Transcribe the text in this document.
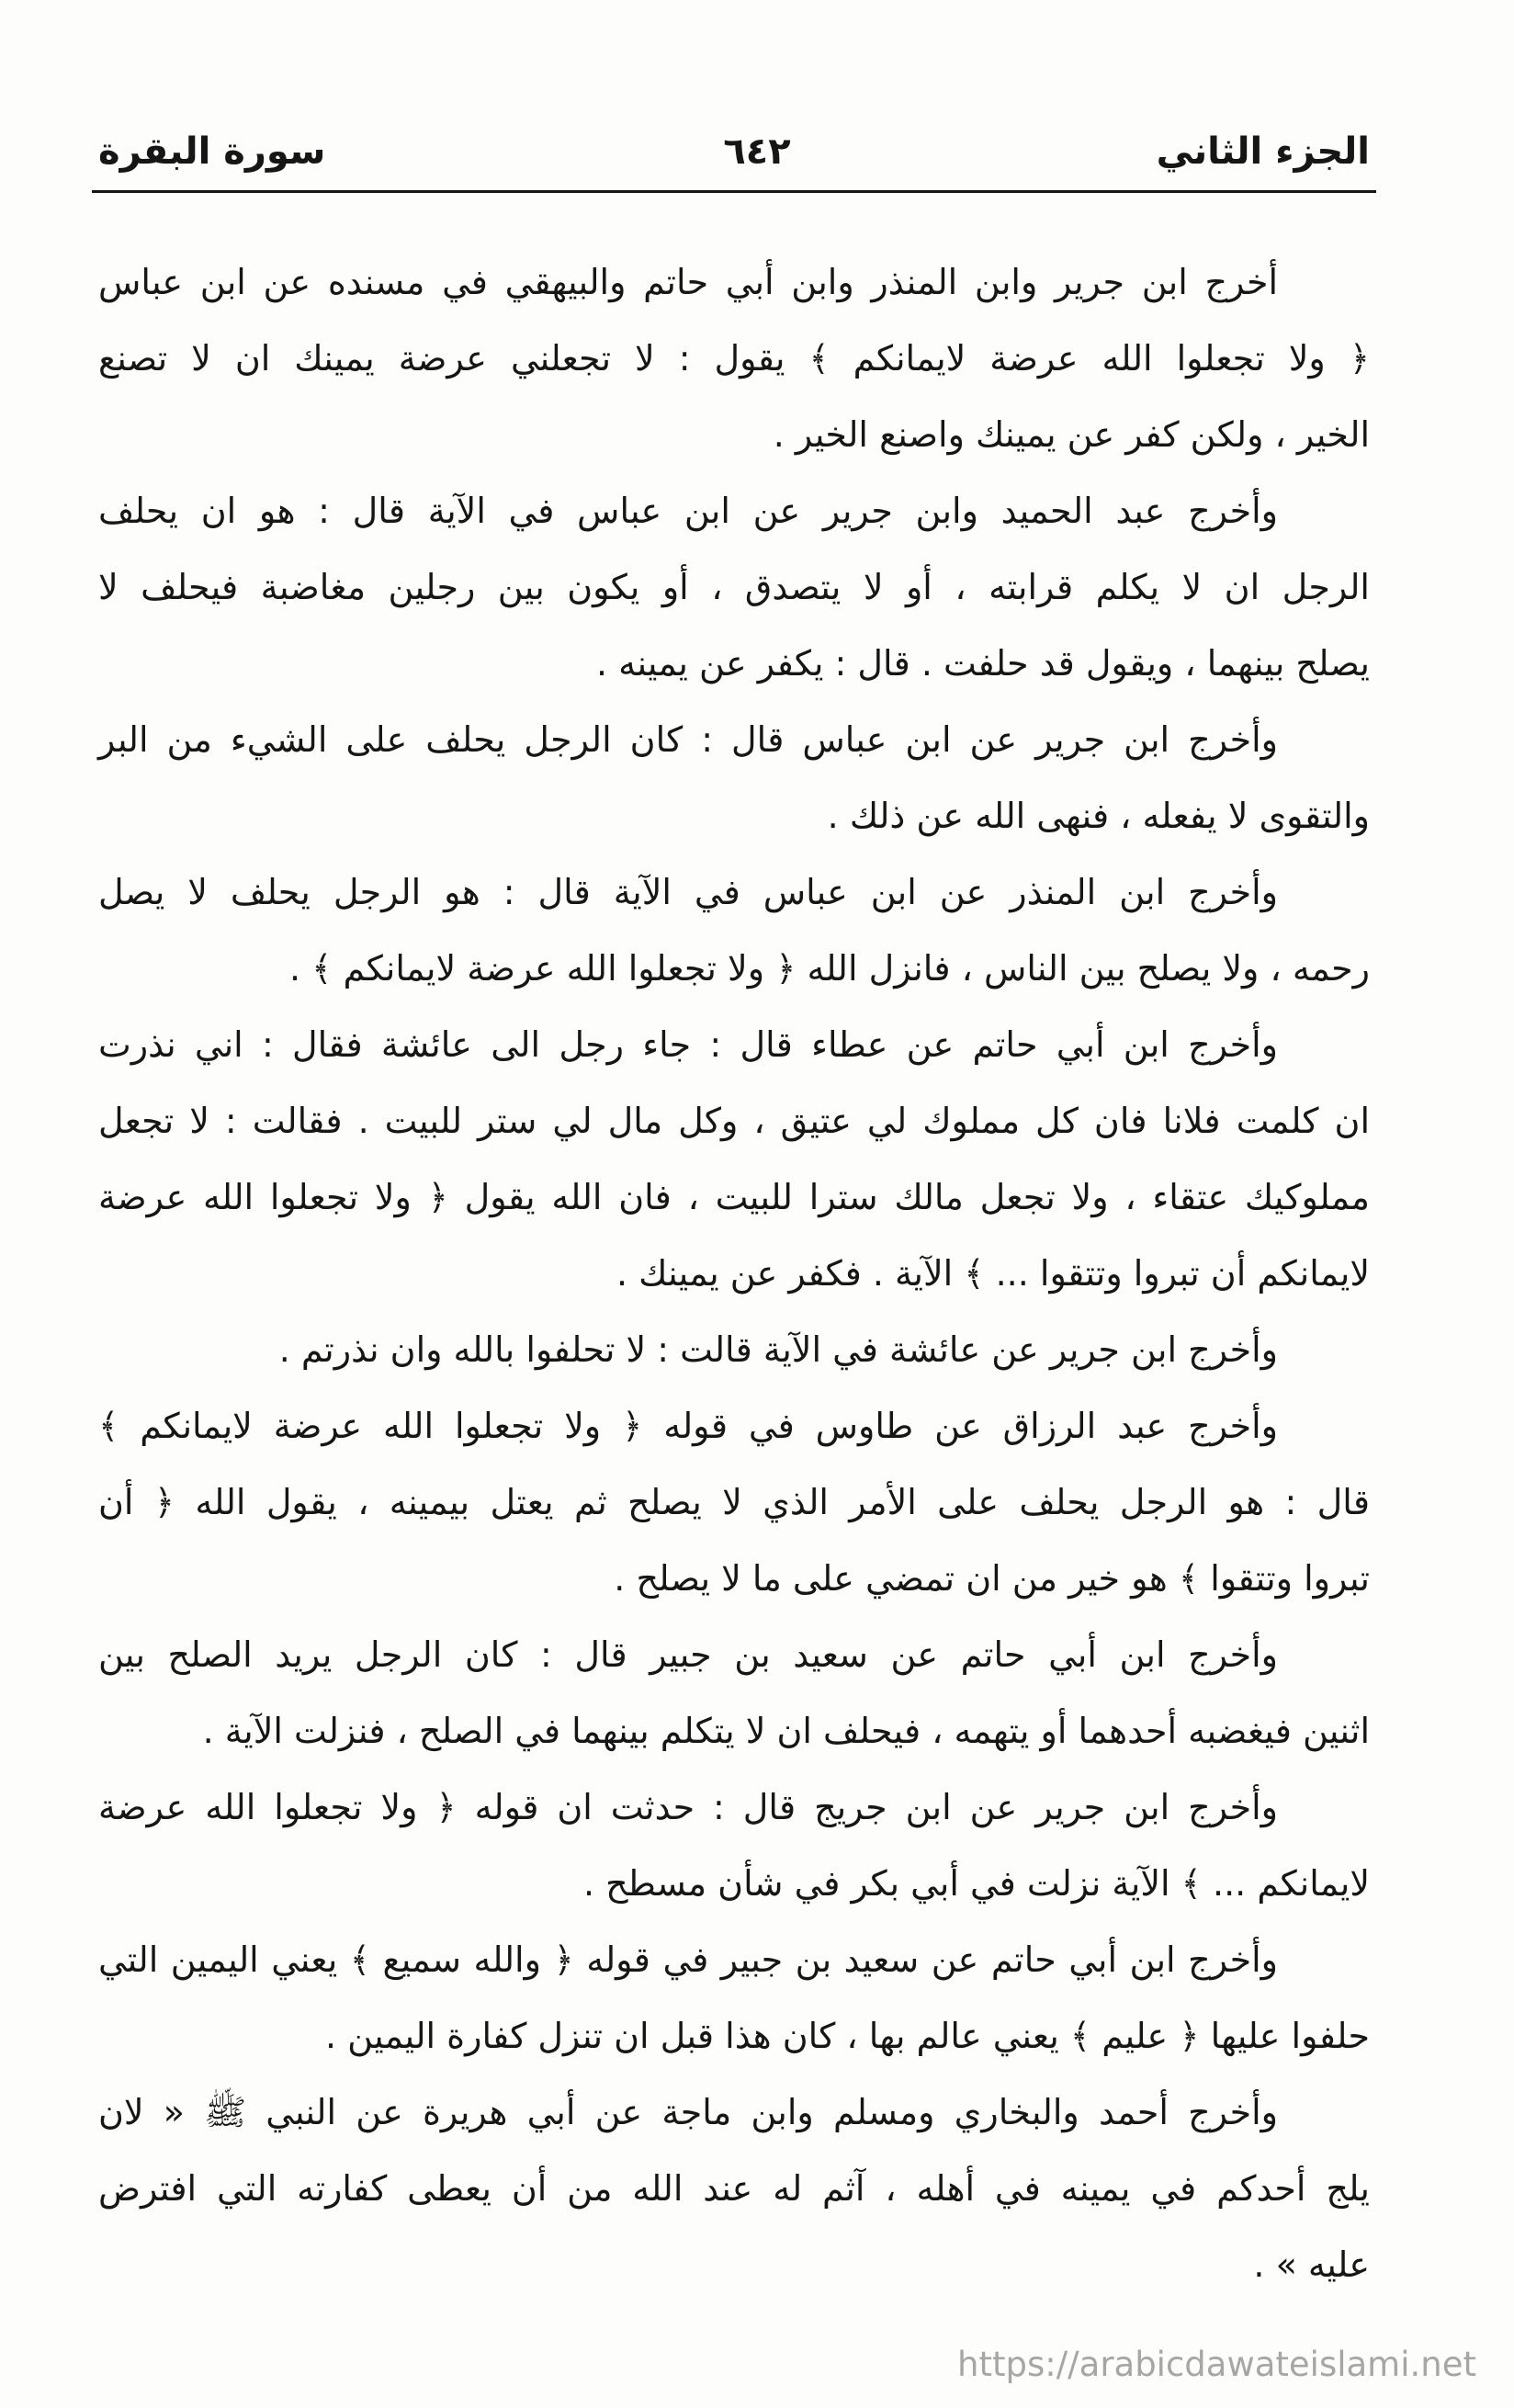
الجزء الثاني
٦٤٢
سورة البقرة
أخرج ابن جرير وابن المنذر وابن أبي حاتم والبيهقي في مسنده عن ابن عباس
﴿ ولا تجعلوا الله عرضة لايمانكم ﴾ يقول : لا تجعلني عرضة يمينك ان لا تصنع
الخير ، ولكن كفر عن يمينك واصنع الخير .
وأخرج عبد الحميد وابن جرير عن ابن عباس في الآية قال : هو ان يحلف
الرجل ان لا يكلم قرابته ، أو لا يتصدق ، أو يكون بين رجلين مغاضبة فيحلف لا
يصلح بينهما ، ويقول قد حلفت . قال : يكفر عن يمينه .
وأخرج ابن جرير عن ابن عباس قال : كان الرجل يحلف على الشيء من البر
والتقوى لا يفعله ، فنهى الله عن ذلك .
وأخرج ابن المنذر عن ابن عباس في الآية قال : هو الرجل يحلف لا يصل
رحمه ، ولا يصلح بين الناس ، فانزل الله ﴿ ولا تجعلوا الله عرضة لايمانكم ﴾ .
وأخرج ابن أبي حاتم عن عطاء قال : جاء رجل الى عائشة فقال : اني نذرت
ان كلمت فلانا فان كل مملوك لي عتيق ، وكل مال لي ستر للبيت . فقالت : لا تجعل
مملوكيك عتقاء ، ولا تجعل مالك سترا للبيت ، فان الله يقول ﴿ ولا تجعلوا الله عرضة
لايمانكم أن تبروا وتتقوا ... ﴾ الآية . فكفر عن يمينك .
وأخرج ابن جرير عن عائشة في الآية قالت : لا تحلفوا بالله وان نذرتم .
وأخرج عبد الرزاق عن طاوس في قوله ﴿ ولا تجعلوا الله عرضة لايمانكم ﴾
قال : هو الرجل يحلف على الأمر الذي لا يصلح ثم يعتل بيمينه ، يقول الله ﴿ أن
تبروا وتتقوا ﴾ هو خير من ان تمضي على ما لا يصلح .
وأخرج ابن أبي حاتم عن سعيد بن جبير قال : كان الرجل يريد الصلح بين
اثنين فيغضبه أحدهما أو يتهمه ، فيحلف ان لا يتكلم بينهما في الصلح ، فنزلت الآية .
وأخرج ابن جرير عن ابن جريج قال : حدثت ان قوله ﴿ ولا تجعلوا الله عرضة
لايمانكم ... ﴾ الآية نزلت في أبي بكر في شأن مسطح .
وأخرج ابن أبي حاتم عن سعيد بن جبير في قوله ﴿ والله سميع ﴾ يعني اليمين التي
حلفوا عليها ﴿ عليم ﴾ يعني عالم بها ، كان هذا قبل ان تنزل كفارة اليمين .
وأخرج أحمد والبخاري ومسلم وابن ماجة عن أبي هريرة عن النبي ﷺ « لان
يلج أحدكم في يمينه في أهله ، آثم له عند الله من أن يعطى كفارته التي افترض
عليه » .
https://arabicdawateislami.net
